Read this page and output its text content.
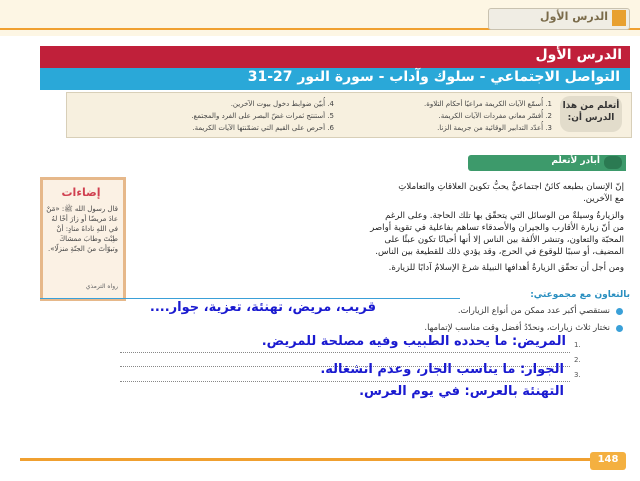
الدرس الأول
الدرس الأول
التواصل الاجتماعي - سلوك وآداب - سورة النور 27-31
أتعلم من هذا الدرس أن:
1. أُسمّع الآيات الكريمة مراعيًا أحكام التلاوة.
2. أُفسّر معاني مفردات الآيات الكريمة.
3. أُعدّد التدابير الوقائية من جريمة الزنا.
4. أُبيّن ضوابط دخول بيوت الآخرين.
5. أستنتج ثمرات غضّ البصر على الفرد والمجتمع.
6. أحرص على القيم التي تضمّنتها الآيات الكريمة.
أبادر لأتعلّم
إنّ الإنسان بطبعه كائنٌ اجتماعيٌّ يحبُّ تكوينَ العلاقاتِ والتعاملاتِ
مع الآخرين.
والزيارةُ وسيلةٌ من الوسائل التي يتحقّق بها تلك الحاجة. وعلى الرغم
من أنّ زيارة الأقارب والجيران والأصدقاء تساهم بفاعلية في تقوية أواصر
المحبّة والتعاون، وتنشر الألفة بين الناس إلا أنها أحيانًا تكون عبئًا على
المضيف، أو سببًا للوقوع في الحرج، وقد يؤدي ذلك للقطيعة بين الناس.
ومن أجل أن تحقّق الزيارةُ أهدافها النبيلة شرعَ الإسلامُ آدابًا للزيارة.
إضاءات
قال رسول الله ﷺ: «مَنْ عادَ مريضًا أو زارَ أخًا لهُ في اللهِ ناداهُ منادٍ: أنْ طِبْتَ وطابَ ممشاكَ وتبوّأتَ منَ الجنّةِ منزلًا».
رواه الترمذي
بالتعاون مع مجموعتي:
نستقصي أكبر عدد ممكن من أنواع الزيارات.
قريب، مريض، تهنئة، تعزية، جوار....
نختار ثلاث زيارات، ونحدّدُ أفضل وقت مناسب لإتمامها.
1.
المريض: ما يحدده الطبيب وفيه مصلحة للمريض.
2.
3.
الجوار: ما يناسب الجار، وعدم انشغاله.
التهنئة بالعرس: في يوم العرس.
148
